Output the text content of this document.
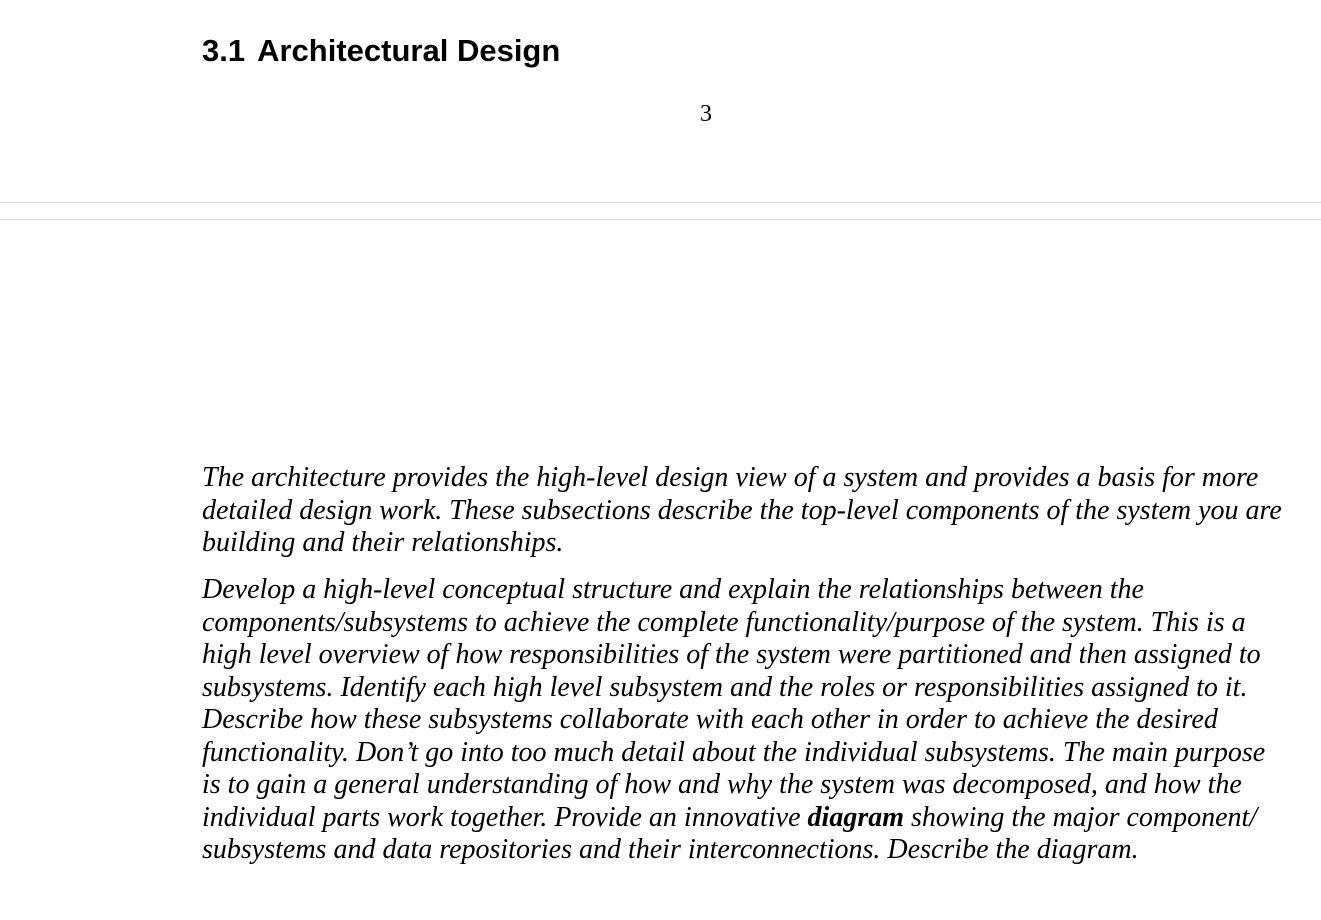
3.1 Architectural Design
3

The architecture provides the high-level design view of a system and provides a basis for more detailed design work. These subsections describe the top-level components of the system you are building and their relationships.

Develop a high-level conceptual structure and explain the relationships between the components/subsystems to achieve the complete functionality/purpose of the system. This is a high level overview of how responsibilities of the system were partitioned and then assigned to subsystems. Identify each high level subsystem and the roles or responsibilities assigned to it. Describe how these subsystems collaborate with each other in order to achieve the desired functionality. Don’t go into too much detail about the individual subsystems. The main purpose is to gain a general understanding of how and why the system was decomposed, and how the individual parts work together. Provide an innovative diagram showing the major component/ subsystems and data repositories and their interconnections. Describe the diagram.
